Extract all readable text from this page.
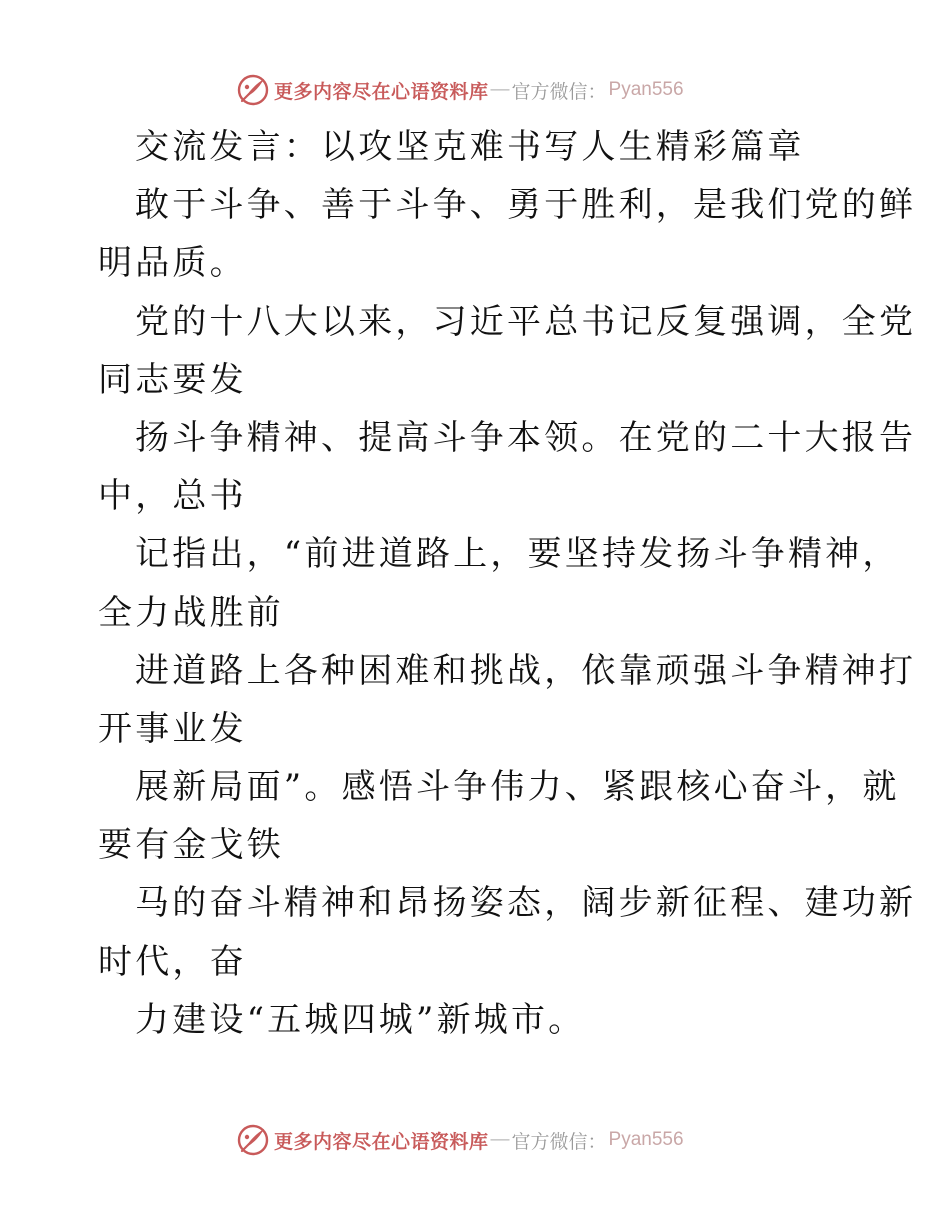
更多内容尽在心语资料库 — 官方微信： Pyan556
交流发言：以攻坚克难书写人生精彩篇章
敢于斗争、善于斗争、勇于胜利，是我们党的鲜
明品质。
党的十八大以来，习近平总书记反复强调，全党
同志要发
扬斗争精神、提高斗争本领。在党的二十大报告
中，总书
记指出，“前进道路上，要坚持发扬斗争精神，
全力战胜前
进道路上各种困难和挑战，依靠顽强斗争精神打
开事业发
展新局面”。感悟斗争伟力、紧跟核心奋斗，就
要有金戈铁
马的奋斗精神和昂扬姿态，阔步新征程、建功新
时代，奋
力建设“五城四城”新城市。
更多内容尽在心语资料库 — 官方微信： Pyan556
